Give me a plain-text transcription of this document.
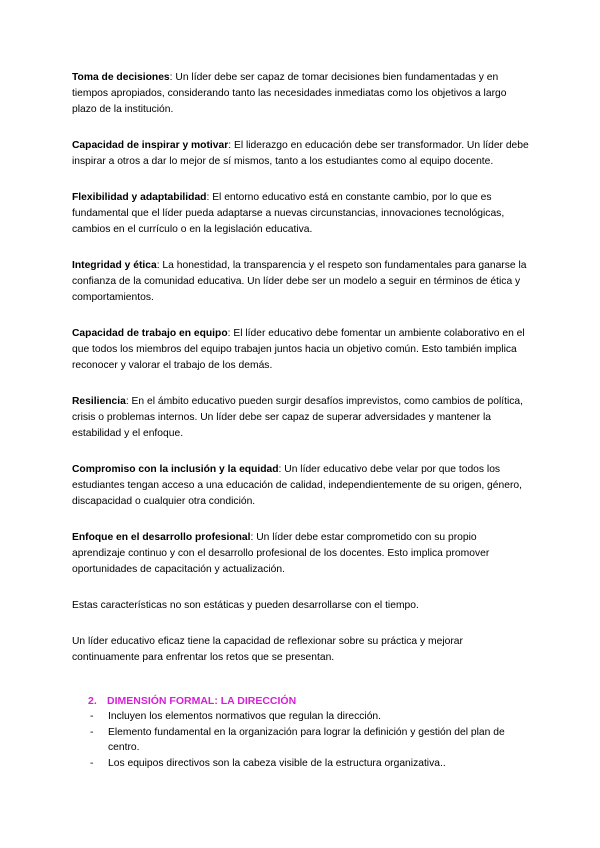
Toma de decisiones: Un líder debe ser capaz de tomar decisiones bien fundamentadas y en tiempos apropiados, considerando tanto las necesidades inmediatas como los objetivos a largo plazo de la institución.

Capacidad de inspirar y motivar: El liderazgo en educación debe ser transformador. Un líder debe inspirar a otros a dar lo mejor de sí mismos, tanto a los estudiantes como al equipo docente.

Flexibilidad y adaptabilidad: El entorno educativo está en constante cambio, por lo que es fundamental que el líder pueda adaptarse a nuevas circunstancias, innovaciones tecnológicas, cambios en el currículo o en la legislación educativa.

Integridad y ética: La honestidad, la transparencia y el respeto son fundamentales para ganarse la confianza de la comunidad educativa. Un líder debe ser un modelo a seguir en términos de ética y comportamientos.

Capacidad de trabajo en equipo: El líder educativo debe fomentar un ambiente colaborativo en el que todos los miembros del equipo trabajen juntos hacia un objetivo común. Esto también implica reconocer y valorar el trabajo de los demás.

Resiliencia: En el ámbito educativo pueden surgir desafíos imprevistos, como cambios de política, crisis o problemas internos. Un líder debe ser capaz de superar adversidades y mantener la estabilidad y el enfoque.

Compromiso con la inclusión y la equidad: Un líder educativo debe velar por que todos los estudiantes tengan acceso a una educación de calidad, independientemente de su origen, género, discapacidad o cualquier otra condición.

Enfoque en el desarrollo profesional: Un líder debe estar comprometido con su propio aprendizaje continuo y con el desarrollo profesional de los docentes. Esto implica promover oportunidades de capacitación y actualización.

Estas características no son estáticas y pueden desarrollarse con el tiempo.

Un líder educativo eficaz tiene la capacidad de reflexionar sobre su práctica y mejorar continuamente para enfrentar los retos que se presentan.

2. DIMENSIÓN FORMAL: LA DIRECCIÓN
- Incluyen los elementos normativos que regulan la dirección.
- Elemento fundamental en la organización para lograr la definición y gestión del plan de centro.
- Los equipos directivos son la cabeza visible de la estructura organizativa..
